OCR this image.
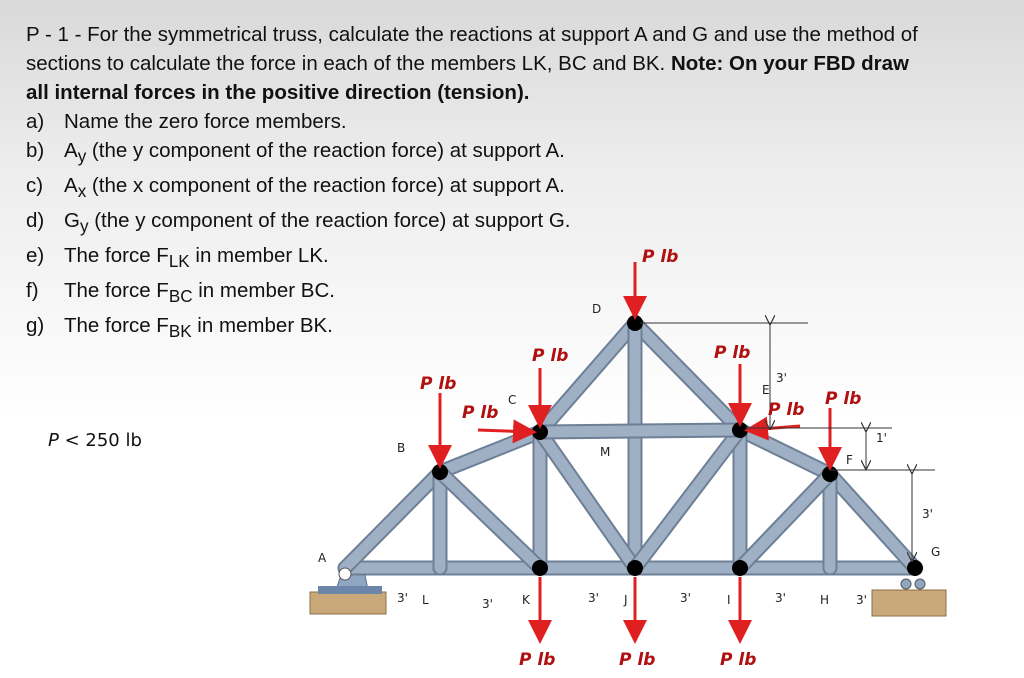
P - 1 - For the symmetrical truss, calculate the reactions at support A and G and use the method of sections to calculate the force in each of the members LK, BC and BK. Note: On your FBD draw all internal forces in the positive direction (tension).

a) Name the zero force members.

b) $A_y$ (the y component of the reaction force) at support A.

c) $A_x$ (the x component of the reaction force) at support A.

d) $G_y$ (the y component of the reaction force) at support G.

e) The force $F_{LK}$ in member LK.

f) The force $F_{BC}$ in member BC.

g) The force $F_{BK}$ in member BK.

P < 250 lb
A
B
C
D
E
F
G
H
I
J
K
L
M
3'	3'	3'	3'	3'	3'
3'
1'
3'
P lb
P lb	P lb
P lb
P lb	P lb
P lb
P lb	P lb	P lb
